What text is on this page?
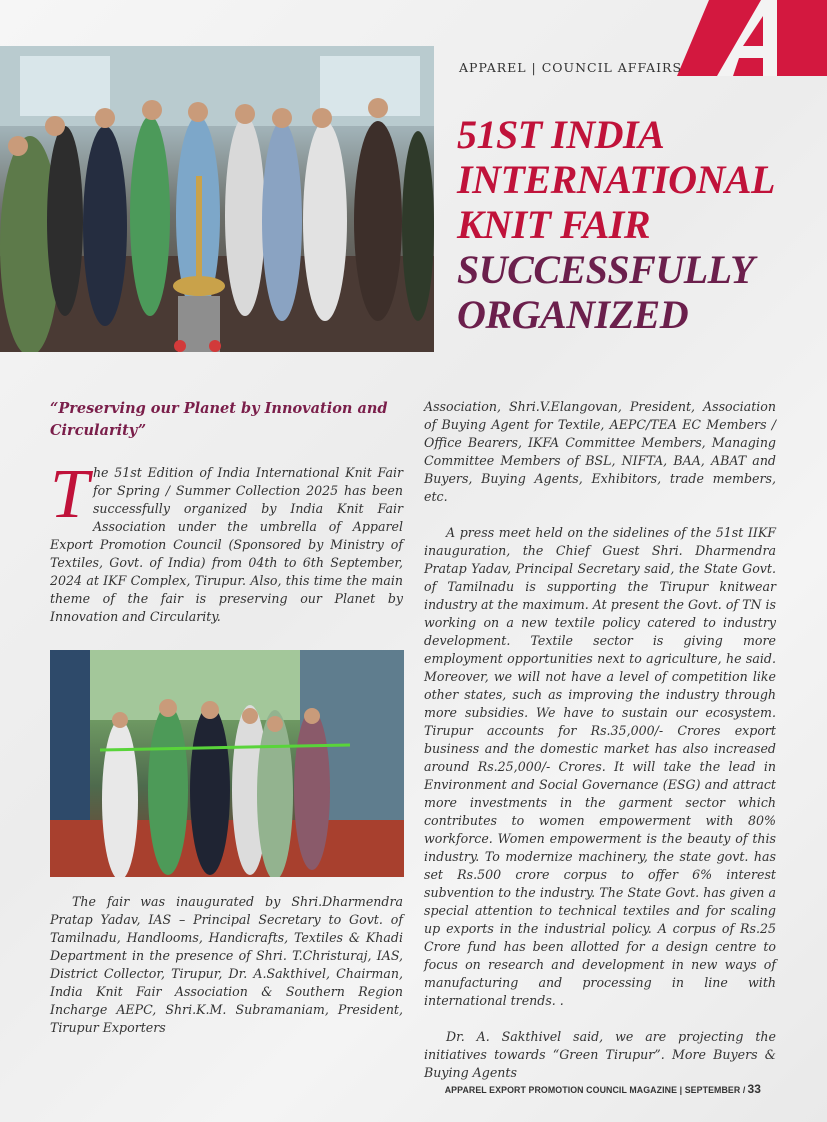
APPAREL | COUNCIL AFFAIRS
51ST INDIA
INTERNATIONAL
KNIT FAIR
SUCCESSFULLY
ORGANIZED
“Preserving our Planet by Innovation and Circularity”
The 51st Edition of India International Knit Fair for Spring / Summer Collection 2025 has been successfully organized by India Knit Fair Association under the umbrella of Apparel Export Promotion Council (Sponsored by Ministry of Textiles, Govt. of India) from 04th to 6th September, 2024 at IKF Complex, Tirupur. Also, this time the main theme of the fair is preserving our Planet by Innovation and Circularity.
The fair was inaugurated by Shri.Dharmendra Pratap Yadav, IAS – Principal Secretary to Govt. of Tamilnadu, Handlooms, Handicrafts, Textiles & Khadi Department in the presence of Shri. T.Christuraj, IAS, District Collector, Tirupur, Dr. A.Sakthivel, Chairman, India Knit Fair Association & Southern Region Incharge AEPC, Shri.K.M. Subramaniam, President, Tirupur Exporters

Association, Shri.V.Elangovan, President, Association of Buying Agent for Textile, AEPC/TEA EC Members / Office Bearers, IKFA Committee Members, Managing Committee Members of BSL, NIFTA, BAA, ABAT and Buyers, Buying Agents, Exhibitors, trade members, etc.

A press meet held on the sidelines of the 51st IIKF inauguration, the Chief Guest Shri. Dharmendra Pratap Yadav, Principal Secretary said, the State Govt. of Tamilnadu is supporting the Tirupur knitwear industry at the maximum. At present the Govt. of TN is working on a new textile policy catered to industry development. Textile sector is giving more employment opportunities next to agriculture, he said. Moreover, we will not have a level of competition like other states, such as improving the industry through more subsidies. We have to sustain our ecosystem. Tirupur accounts for Rs.35,000/- Crores export business and the domestic market has also increased around Rs.25,000/- Crores. It will take the lead in Environment and Social Governance (ESG) and attract more investments in the garment sector which contributes to women empowerment with 80% workforce. Women empowerment is the beauty of this industry. To modernize machinery, the state govt. has set Rs.500 crore corpus to offer 6% interest subvention to the industry. The State Govt. has given a special attention to technical textiles and for scaling up exports in the industrial policy. A corpus of Rs.25 Crore fund has been allotted for a design centre to focus on research and development in new ways of manufacturing and processing in line with international trends. .

Dr. A. Sakthivel said, we are projecting the initiatives towards “Green Tirupur”. More Buyers & Buying Agents

APPAREL EXPORT PROMOTION COUNCIL MAGAZINE | SEPTEMBER / 33
